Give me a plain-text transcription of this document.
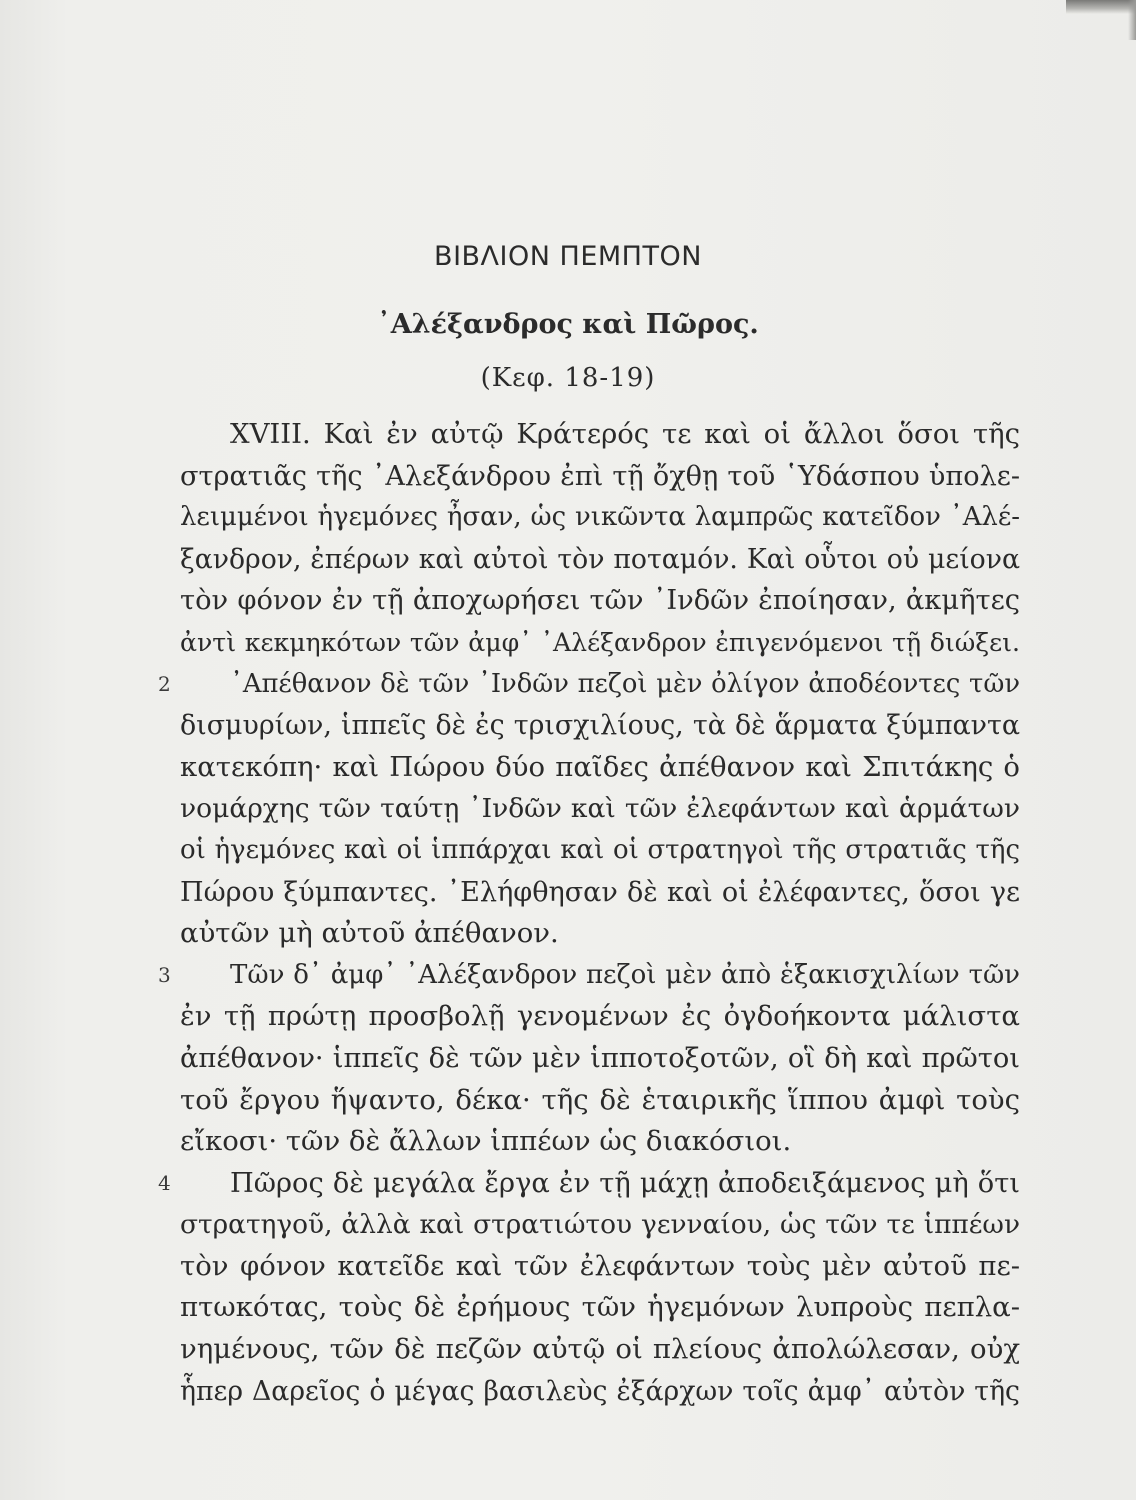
ΒΙΒΛΙΟΝ ΠΕΜΠΤΟΝ
᾿Αλέξανδρος καὶ Πῶρος.
(Κεφ. 18-19)
XVIII. Καὶ ἐν αὐτῷ Κράτερός τε καὶ οἱ ἄλλοι ὅσοι τῆς
στρατιᾶς τῆς ᾿Αλεξάνδρου ἐπὶ τῇ ὄχθῃ τοῦ ῾Υδάσπου ὑπολε-
λειμμένοι ἡγεμόνες ἦσαν, ὡς νικῶντα λαμπρῶς κατεῖδον ᾿Αλέ-
ξανδρον, ἐπέρων καὶ αὐτοὶ τὸν ποταμόν. Καὶ οὗτοι οὐ μείονα
τὸν φόνον ἐν τῇ ἀποχωρήσει τῶν ᾿Ινδῶν ἐποίησαν, ἀκμῆτες
ἀντὶ κεκμηκότων τῶν ἀμφ᾿ ᾿Αλέξανδρον ἐπιγενόμενοι τῇ διώξει.
2 ᾿Απέθανον δὲ τῶν ᾿Ινδῶν πεζοὶ μὲν ὀλίγον ἀποδέοντες τῶν
δισμυρίων, ἱππεῖς δὲ ἐς τρισχιλίους, τὰ δὲ ἅρματα ξύμπαντα
κατεκόπη· καὶ Πώρου δύο παῖδες ἀπέθανον καὶ Σπιτάκης ὁ
νομάρχης τῶν ταύτῃ ᾿Ινδῶν καὶ τῶν ἐλεφάντων καὶ ἁρμάτων
οἱ ἡγεμόνες καὶ οἱ ἱππάρχαι καὶ οἱ στρατηγοὶ τῆς στρατιᾶς τῆς
Πώρου ξύμπαντες. ᾿Ελήφθησαν δὲ καὶ οἱ ἐλέφαντες, ὅσοι γε
αὐτῶν μὴ αὐτοῦ ἀπέθανον.
3 Τῶν δ᾿ ἀμφ᾿ ᾿Αλέξανδρον πεζοὶ μὲν ἀπὸ ἑξακισχιλίων τῶν
ἐν τῇ πρώτῃ προσβολῇ γενομένων ἐς ὀγδοήκοντα μάλιστα
ἀπέθανον· ἱππεῖς δὲ τῶν μὲν ἱπποτοξοτῶν, οἳ δὴ καὶ πρῶτοι
τοῦ ἔργου ἥψαντο, δέκα· τῆς δὲ ἑταιρικῆς ἵππου ἀμφὶ τοὺς
εἴκοσι· τῶν δὲ ἄλλων ἱππέων ὡς διακόσιοι.
4 Πῶρος δὲ μεγάλα ἔργα ἐν τῇ μάχῃ ἀποδειξάμενος μὴ ὅτι
στρατηγοῦ, ἀλλὰ καὶ στρατιώτου γενναίου, ὡς τῶν τε ἱππέων
τὸν φόνον κατεῖδε καὶ τῶν ἐλεφάντων τοὺς μὲν αὐτοῦ πε-
πτωκότας, τοὺς δὲ ἐρήμους τῶν ἡγεμόνων λυπροὺς πεπλα-
νημένους, τῶν δὲ πεζῶν αὐτῷ οἱ πλείους ἀπολώλεσαν, οὐχ
ἧπερ Δαρεῖος ὁ μέγας βασιλεὺς ἐξάρχων τοῖς ἀμφ᾿ αὐτὸν τῆς
